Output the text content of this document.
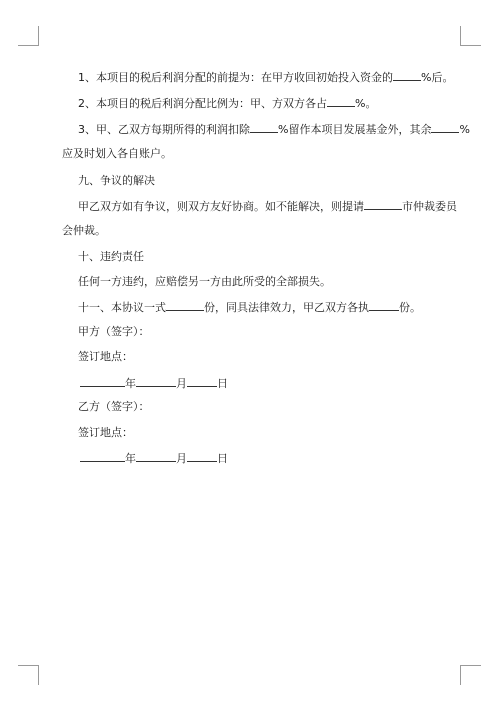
1、本项目的税后利润分配的前提为：在甲方收回初始投入资金的	%后。
2、本项目的税后利润分配比例为：甲、方双方各占	%。
3、甲、乙双方每期所得的利润扣除	%留作本项目发展基金外，其余	%
应及时划入各自账户。
九、争议的解决
甲乙双方如有争议，则双方友好协商。如不能解决，则提请	市仲裁委员
会仲裁。
十、违约责任
任何一方违约，应赔偿另一方由此所受的全部损失。
十一、本协议一式	份，同具法律效力，甲乙双方各执	份。
甲方（签字）：
签订地点：
年	月	日
乙方（签字）：
签订地点：
年	月	日
